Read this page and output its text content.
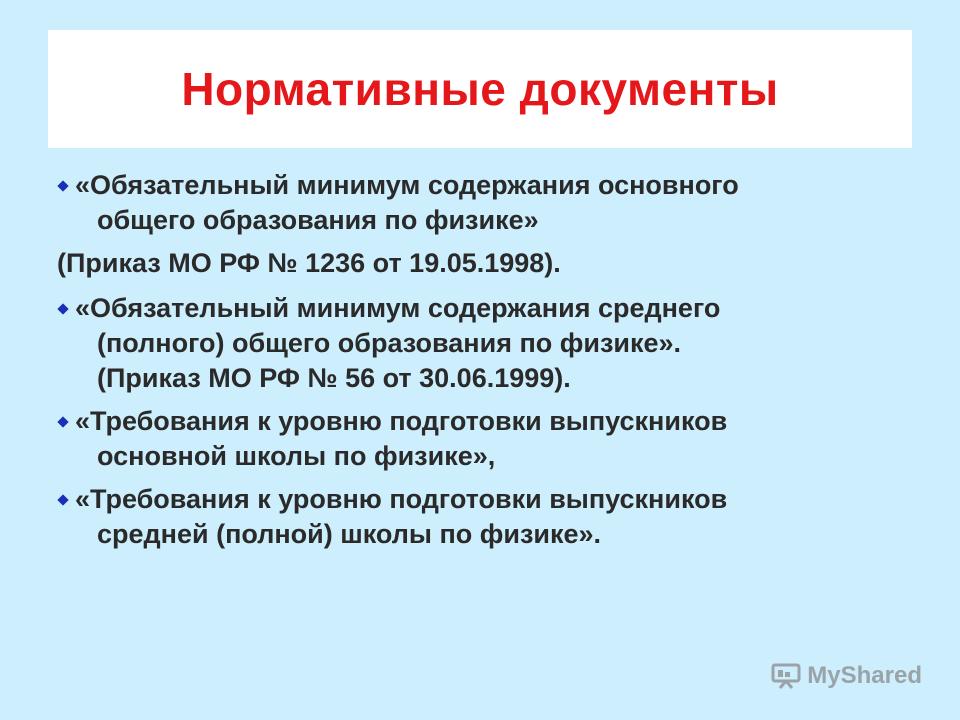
Нормативные документы
«Обязательный минимум содержания основного
общего образования по физике»
(Приказ МО РФ № 1236 от 19.05.1998).
«Обязательный минимум содержания среднего
(полного) общего образования по физике».
(Приказ МО РФ № 56 от 30.06.1999).
«Требования к уровню подготовки выпускников
основной школы по физике»,
«Требования к уровню подготовки выпускников
средней (полной) школы по физике».
MyShared
